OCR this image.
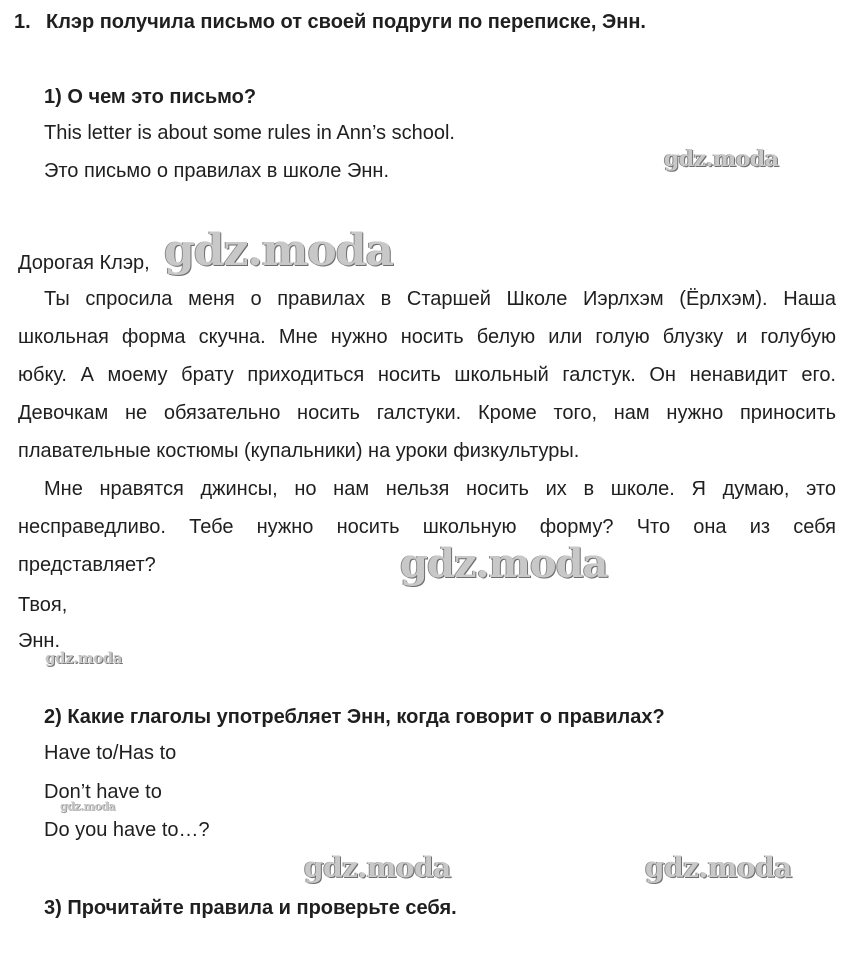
1. Клэр получила письмо от своей подруги по переписке, Энн.
1) О чем это письмо?
This letter is about some rules in Ann’s school.
Это письмо о правилах в школе Энн.
Дорогая Клэр,
Ты спросила меня о правилах в Старшей Школе Иэрлхэм (Ёрлхэм). Наша
школьная форма скучна. Мне нужно носить белую или голую блузку и голубую
юбку. А моему брату приходиться носить школьный галстук. Он ненавидит его.
Девочкам не обязательно носить галстуки. Кроме того, нам нужно приносить
плавательные костюмы (купальники) на уроки физкультуры.
Мне нравятся джинсы, но нам нельзя носить их в школе. Я думаю, это
несправедливо. Тебе нужно носить школьную форму? Что она из себя
представляет?
Твоя,
Энн.
2) Какие глаголы употребляет Энн, когда говорит о правилах?
Have to/Has to
Don’t have to
Do you have to…?
3) Прочитайте правила и проверьте себя.
gdz.moda
gdz.moda
gdz.moda
gdz.moda
gdz.moda
gdz.moda	gdz.moda
